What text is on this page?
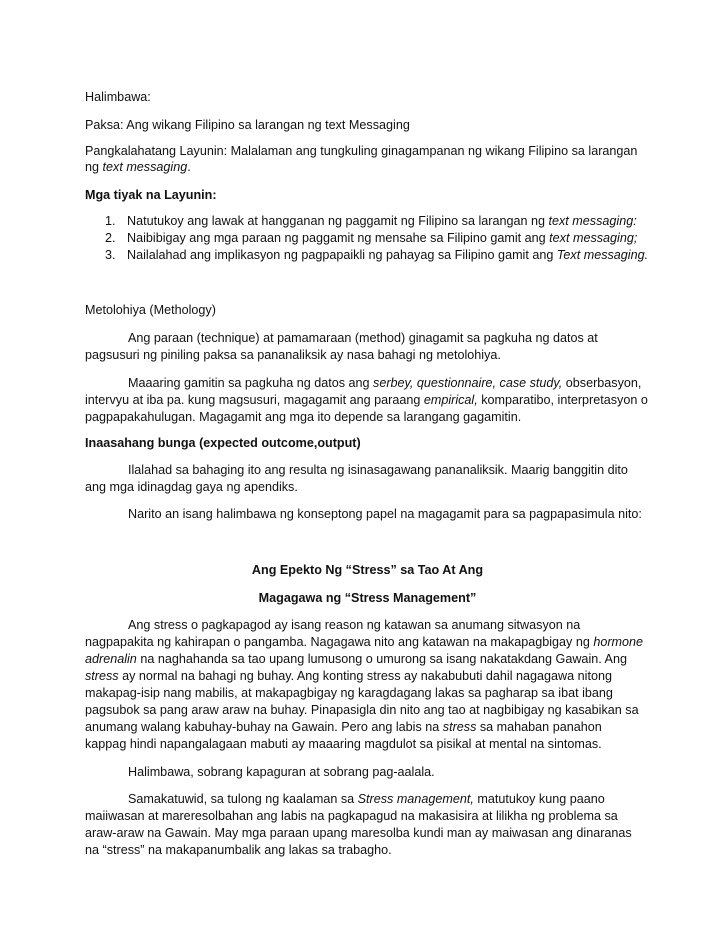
Halimbawa:
Paksa: Ang wikang Filipino sa larangan ng text Messaging
Pangkalahatang Layunin: Malalaman ang tungkuling ginagampanan ng wikang Filipino sa larangan ng text messaging.
Mga tiyak na Layunin:
1. Natutukoy ang lawak at hangganan ng paggamit ng Filipino sa larangan ng text messaging:
2. Naibibigay ang mga paraan ng paggamit ng mensahe sa Filipino gamit ang text messaging;
3. Nailalahad ang implikasyon ng pagpapaikli ng pahayag sa Filipino gamit ang Text messaging.
Metolohiya (Methology)
Ang paraan (technique) at pamamaraan (method) ginagamit sa pagkuha ng datos at pagsusuri ng piniling paksa sa pananaliksik ay nasa bahagi ng metolohiya.
Maaaring gamitin sa pagkuha ng datos ang serbey, questionnaire, case study, obserbasyon, intervyu at iba pa. kung magsusuri, magagamit ang paraang empirical, komparatibo, interpretasyon o pagpapakahulugan. Magagamit ang mga ito depende sa larangang gagamitin.
Inaasahang bunga (expected outcome,output)
Ilalahad sa bahaging ito ang resulta ng isinasagawang pananaliksik. Maarig banggitin dito ang mga idinagdag gaya ng apendiks.
Narito an isang halimbawa ng konseptong papel na magagamit para sa pagpapasimula nito:
Ang Epekto Ng “Stress” sa Tao At Ang
Magagawa ng “Stress Management”
Ang stress o pagkapagod ay isang reason ng katawan sa anumang sitwasyon na nagpapakita ng kahirapan o pangamba. Nagagawa nito ang katawan na makapagbigay ng hormone adrenalin na naghahanda sa tao upang lumusong o umurong sa isang nakatakdang Gawain. Ang stress ay normal na bahagi ng buhay. Ang konting stress ay nakabubuti dahil nagagawa nitong makapag-isip nang mabilis, at makapagbigay ng karagdagang lakas sa pagharap sa ibat ibang pagsubok sa pang araw araw na buhay. Pinapasigla din nito ang tao at nagbibigay ng kasabikan sa anumang walang kabuhay-buhay na Gawain. Pero ang labis na stress sa mahaban panahon kappag hindi napangalagaan mabuti ay maaaring magdulot sa pisikal at mental na sintomas.
Halimbawa, sobrang kapaguran at sobrang pag-aalala.
Samakatuwid, sa tulong ng kaalaman sa Stress management, matutukoy kung paano maiiwasan at mareresolbahan ang labis na pagkapagud na makasisira at lilikha ng problema sa araw-araw na Gawain. May mga paraan upang maresolba kundi man ay maiwasan ang dinaranas na “stress” na makapanumbalik ang lakas sa trabagho.
